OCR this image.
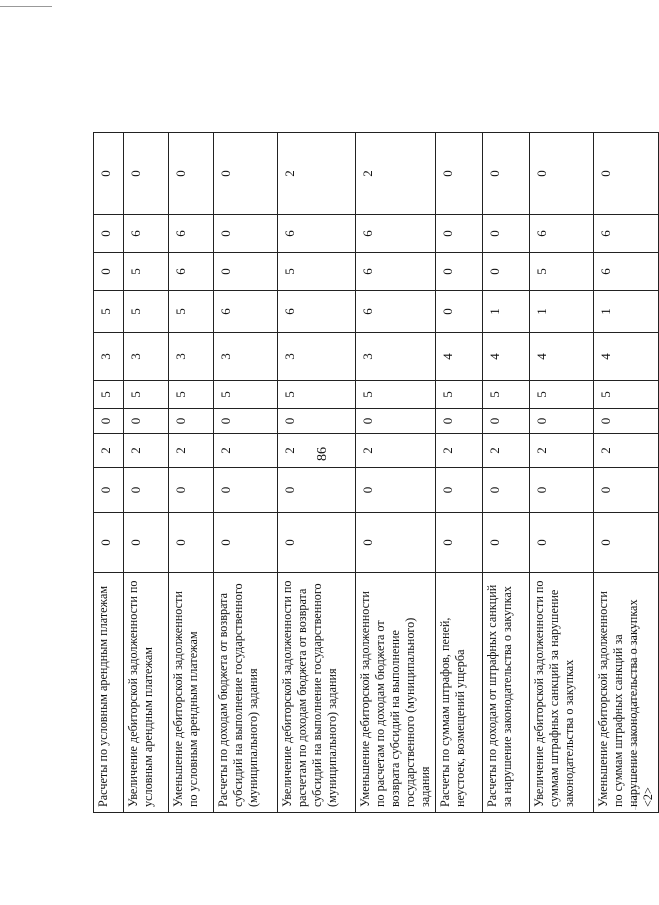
86
Расчеты по условным арендным платежам	0	0	2	0	5	3	5	0	0	0
Увеличение дебиторской задолженности по условным арендным платежам	0	0	2	0	5	3	5	5	6	0
Уменьшение дебиторской задолженности по условным арендным платежам	0	0	2	0	5	3	5	6	6	0
Расчеты по доходам бюджета от возврата субсидий на выполнение государственного (муниципального) задания	0	0	2	0	5	3	6	0	0	0
Увеличение дебиторской задолженности по расчетам по доходам бюджета от возврата субсидий на выполнение государственного (муниципального) задания	0	0	2	0	5	3	6	5	6	2
Уменьшение дебиторской задолженности по расчетам по доходам бюджета от возврата субсидий на выполнение государственного (муниципального) задания	0	0	2	0	5	3	6	6	6	2
Расчеты по суммам штрафов, пеней, неустоек, возмещений ущерба	0	0	2	0	5	4	0	0	0	0
Расчеты по доходам от штрафных санкций за нарушение законодательства о закупках	0	0	2	0	5	4	1	0	0	0
Увеличение дебиторской задолженности по суммам штрафных санкций за нарушение законодательства о закупках	0	0	2	0	5	4	1	5	6	0
Уменьшение дебиторской задолженности по суммам штрафных санкций за нарушение законодательства о закупках <2>	0	0	2	0	5	4	1	6	6	0
